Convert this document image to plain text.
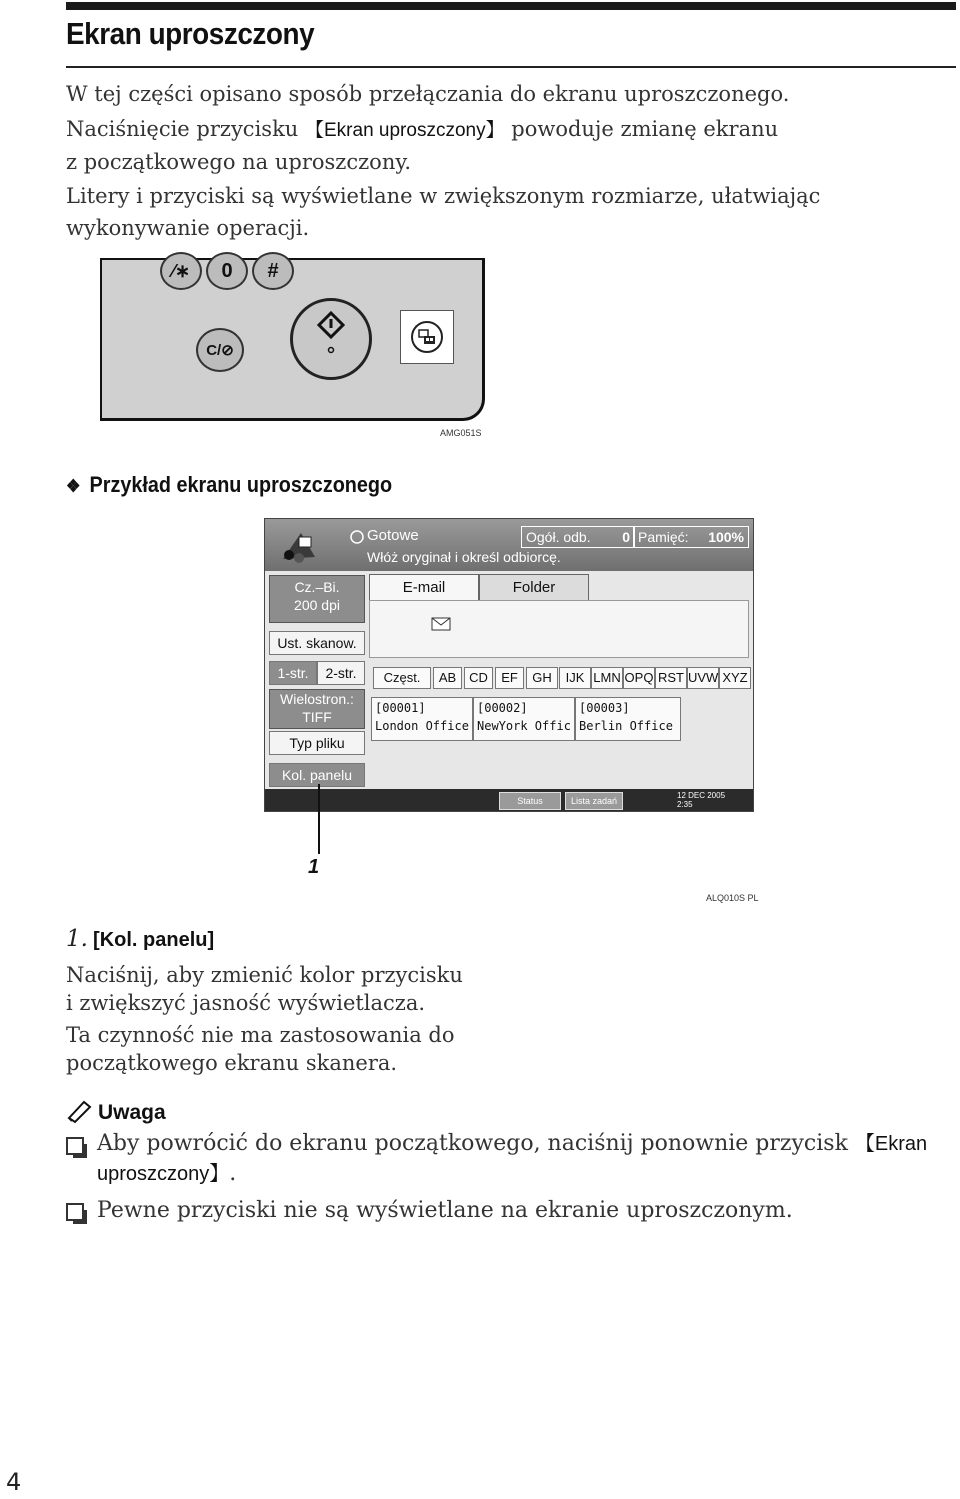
Ekran uproszczony

W tej części opisano sposób przełączania do ekranu uproszczonego.

Naciśnięcie przycisku 【Ekran uproszczony】 powoduje zmianę ekranu

z początkowego na uproszczony.

Litery i przyciski są wyświetlane w zwiększonym rozmiarze, ułatwiając

wykonywanie operacji.

⁄∗	0	#
C/⊘
AMG051S
❖ Przykład ekranu uproszczonego
Gotowe
Włóż oryginał i określ odbiorcę.
Ogół. odb. 0 Pamięć: 100%
Cz.–Bi.
200 dpi
Ust. skanow.
1-str.	2-str.
Wielostron.:
TIFF
Typ pliku
Kol. panelu
E-mail	Folder
Częst.	AB CD	EF	GH	IJK LMN OPQ RST UVW XYZ
[00001]
London Office
[00002]
NewYork Offic
[00003]
Berlin Office
Status systemu
Lista zadań
12 DEC 2005
2:35
1
ALQ010S PL
1. [Kol. panelu]

Naciśnij, aby zmienić kolor przycisku

i zwiększyć jasność wyświetlacza.

Ta czynność nie ma zastosowania do

początkowego ekranu skanera.

Uwaga

Aby powrócić do ekranu początkowego, naciśnij ponownie przycisk 【Ekran

uproszczony】.

Pewne przyciski nie są wyświetlane na ekranie uproszczonym.

4
